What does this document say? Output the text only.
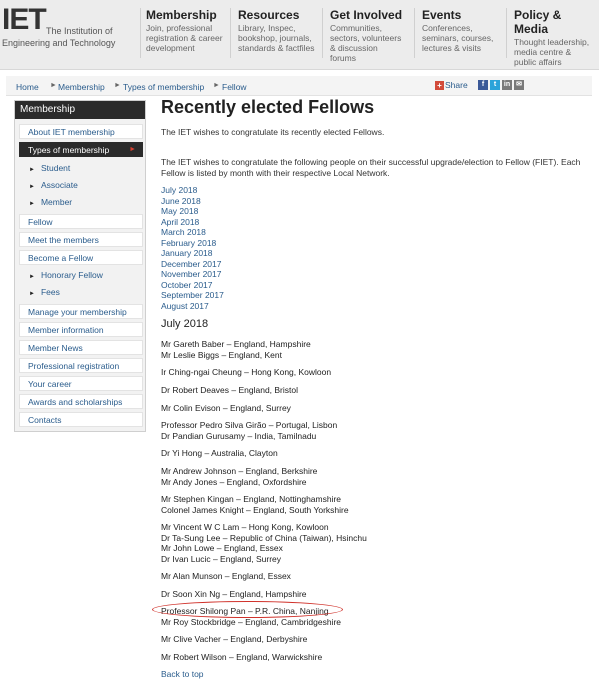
IET The Institution of
Engineering and Technology
Membership
Join, professional
registration & career
development
Resources
Library, Inspec,
bookshop, journals,
standards & factfiles
Get Involved
Communities,
sectors, volunteers
& discussion
forums
Events
Conferences,
seminars, courses,
lectures & visits
Policy & Media
Thought leadership,
media centre &
public affairs
Home ► Membership ► Types of membership ► Fellow	+ Share	f	t	in ✉
Membership
About IET membership
Types of membership	►
► Student
► Associate
► Member
Fellow
Meet the members
Become a Fellow
► Honorary Fellow
► Fees
Manage your membership
Member information
Member News
Professional registration
Your career
Awards and scholarships
Contacts
Recently elected Fellows
The IET wishes to congratulate its recently elected Fellows.
The IET wishes to congratulate the following people on their successful upgrade/election to Fellow (FIET). Each Fellow is listed by month with their respective Local Network.
July 2018
June 2018
May 2018
April 2018
March 2018
February 2018
January 2018
December 2017
November 2017
October 2017
September 2017
August 2017
July 2018
Mr Gareth Baber – England, Hampshire
Mr Leslie Biggs – England, Kent
Ir Ching-ngai Cheung – Hong Kong, Kowloon
Dr Robert Deaves – England, Bristol
Mr Colin Evison – England, Surrey
Professor Pedro Silva Girão – Portugal, Lisbon
Dr Pandian Gurusamy – India, Tamilnadu
Dr Yi Hong – Australia, Clayton
Mr Andrew Johnson – England, Berkshire
Mr Andy Jones – England, Oxfordshire
Mr Stephen Kingan – England, Nottinghamshire
Colonel James Knight – England, South Yorkshire
Mr Vincent W C Lam – Hong Kong, Kowloon
Dr Ta-Sung Lee – Republic of China (Taiwan), Hsinchu
Mr John Lowe – England, Essex
Dr Ivan Lucic – England, Surrey
Mr Alan Munson – England, Essex
Dr Soon Xin Ng – England, Hampshire
Professor Shilong Pan – P.R. China, Nanjing
Mr Roy Stockbridge – England, Cambridgeshire
Mr Clive Vacher – England, Derbyshire
Mr Robert Wilson – England, Warwickshire
Back to top
